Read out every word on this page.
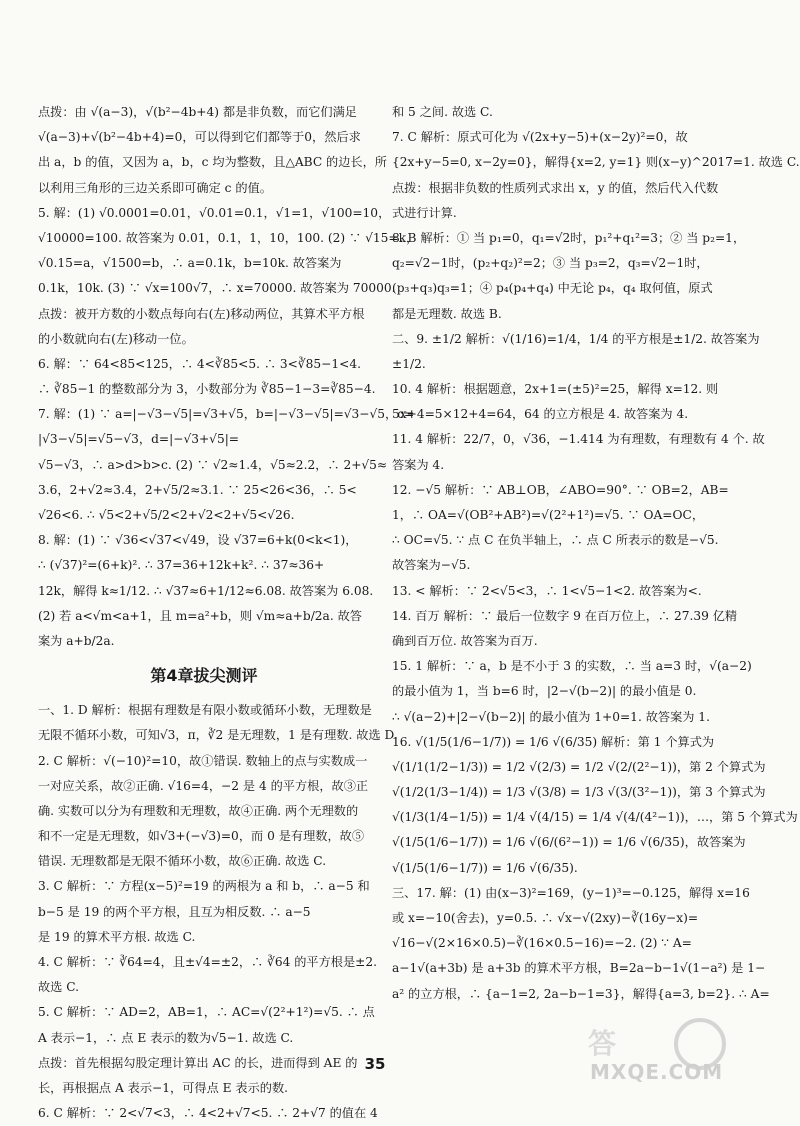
点拨：由 √(a−3)，√(b²−4b+4) 都是非负数，而它们满足
√(a−3)+√(b²−4b+4)=0，可以得到它们都等于0，然后求
出 a，b 的值，又因为 a，b，c 均为整数，且△ABC 的边长，所
以利用三角形的三边关系即可确定 c 的值。
5. 解：(1) √0.0001=0.01，√0.01=0.1，√1=1，√100=10，
√10000=100. 故答案为 0.01，0.1，1，10，100. (2) ∵ √15=k，
√0.15=a，√1500=b，∴ a=0.1k，b=10k. 故答案为
0.1k，10k. (3) ∵ √x=100√7，∴ x=70000. 故答案为 70000.
点拨：被开方数的小数点每向右(左)移动两位，其算术平方根
的小数就向右(左)移动一位。
6. 解：∵ 64<85<125，∴ 4<∛85<5. ∴ 3<∛85−1<4.
∴ ∛85−1 的整数部分为 3，小数部分为 ∛85−1−3=∛85−4.
7. 解：(1) ∵ a=|−√3−√5|=√3+√5，b=|−√3−√5|=√3−√5，c=
|√3−√5|=√5−√3，d=|−√3+√5|=
√5−√3，∴ a>d>b>c. (2) ∵ √2≈1.4，√5≈2.2，∴ 2+√5≈
3.6，2+√2≈3.4，2+√5/2≈3.1. ∵ 25<26<36，∴ 5<
√26<6. ∴ √5<2+√5/2<2+√2<2+√5<√26.
8. 解：(1) ∵ √36<√37<√49，设 √37=6+k(0<k<1)，
∴ (√37)²=(6+k)². ∴ 37=36+12k+k². ∴ 37≈36+
12k，解得 k≈1/12. ∴ √37≈6+1/12≈6.08. 故答案为 6.08.
(2) 若 a<√m<a+1，且 m=a²+b，则 √m≈a+b/2a. 故答
案为 a+b/2a.
第4章拔尖测评
一、1. D 解析：根据有理数是有限小数或循环小数，无理数是
无限不循环小数，可知√3，π，∛2 是无理数，1 是有理数. 故选 D.
2. C 解析：√(−10)²=10，故①错误. 数轴上的点与实数成一
一对应关系，故②正确. √16=4，−2 是 4 的平方根，故③正
确. 实数可以分为有理数和无理数，故④正确. 两个无理数的
和不一定是无理数，如√3+(−√3)=0，而 0 是有理数，故⑤
错误. 无理数都是无限不循环小数，故⑥正确. 故选 C.
3. C 解析：∵ 方程(x−5)²=19 的两根为 a 和 b，∴ a−5 和
b−5 是 19 的两个平方根，且互为相反数. ∴ a−5
是 19 的算术平方根. 故选 C.
4. C 解析：∵ ∛64=4，且±√4=±2，∴ ∛64 的平方根是±2.
故选 C.
5. C 解析：∵ AD=2，AB=1，∴ AC=√(2²+1²)=√5. ∴ 点
A 表示−1，∴ 点 E 表示的数为√5−1. 故选 C.
点拨：首先根据勾股定理计算出 AC 的长，进而得到 AE 的
长，再根据点 A 表示−1，可得点 E 表示的数.
6. C 解析：∵ 2<√7<3，∴ 4<2+√7<5. ∴ 2+√7 的值在 4
和 5 之间. 故选 C.
7. C 解析：原式可化为 √(2x+y−5)+(x−2y)²=0，故
{2x+y−5=0, x−2y=0}，解得{x=2, y=1} 则(x−y)^2017=1. 故选 C.
点拨：根据非负数的性质列式求出 x，y 的值，然后代入代数
式进行计算.
8. B 解析：① 当 p₁=0，q₁=√2时，p₁²+q₁²=3；② 当 p₂=1，
q₂=√2−1时，(p₂+q₂)²=2；③ 当 p₃=2，q₃=√2−1时，
(p₃+q₃)q₃=1；④ p₄(p₄+q₄) 中无论 p₄，q₄ 取何值，原式
都是无理数. 故选 B.
二、9. ±1/2 解析：√(1/16)=1/4，1/4 的平方根是±1/2. 故答案为
±1/2.
10. 4 解析：根据题意，2x+1=(±5)²=25，解得 x=12. 则
5x+4=5×12+4=64，64 的立方根是 4. 故答案为 4.
11. 4 解析：22/7，0，√36，−1.414 为有理数，有理数有 4 个. 故
答案为 4.
12. −√5 解析：∵ AB⊥OB，∠ABO=90°. ∵ OB=2，AB=
1，∴ OA=√(OB²+AB²)=√(2²+1²)=√5. ∵ OA=OC，
∴ OC=√5. ∵ 点 C 在负半轴上，∴ 点 C 所表示的数是−√5.
故答案为−√5.
13. < 解析：∵ 2<√5<3，∴ 1<√5−1<2. 故答案为<.
14. 百万 解析：∵ 最后一位数字 9 在百万位上，∴ 27.39 亿精
确到百万位. 故答案为百万.
15. 1 解析：∵ a，b 是不小于 3 的实数，∴ 当 a=3 时，√(a−2)
的最小值为 1，当 b=6 时，|2−√(b−2)| 的最小值是 0.
∴ √(a−2)+|2−√(b−2)| 的最小值为 1+0=1. 故答案为 1.
16. √(1/5(1/6−1/7)) = 1/6 √(6/35) 解析：第 1 个算式为
√(1/1(1/2−1/3)) = 1/2 √(2/3) = 1/2 √(2/(2²−1))，第 2 个算式为
√(1/2(1/3−1/4)) = 1/3 √(3/8) = 1/3 √(3/(3²−1))，第 3 个算式为
√(1/3(1/4−1/5)) = 1/4 √(4/15) = 1/4 √(4/(4²−1))，…，第 5 个算式为
√(1/5(1/6−1/7)) = 1/6 √(6/(6²−1)) = 1/6 √(6/35)，故答案为
√(1/5(1/6−1/7)) = 1/6 √(6/35).
三、17. 解：(1) 由(x−3)²=169，(y−1)³=−0.125，解得 x=16
或 x=−10(舍去)，y=0.5. ∴ √x−√(2xy)−∛(16y−x)=
√16−√(2×16×0.5)−∛(16×0.5−16)=−2. (2) ∵ A=
a−1√(a+3b) 是 a+3b 的算术平方根，B=2a−b−1√(1−a²) 是 1−
a² 的立方根，∴ {a−1=2, 2a−b−1=3}，解得{a=3, b=2}. ∴ A=
35
答
MXQE.COM
